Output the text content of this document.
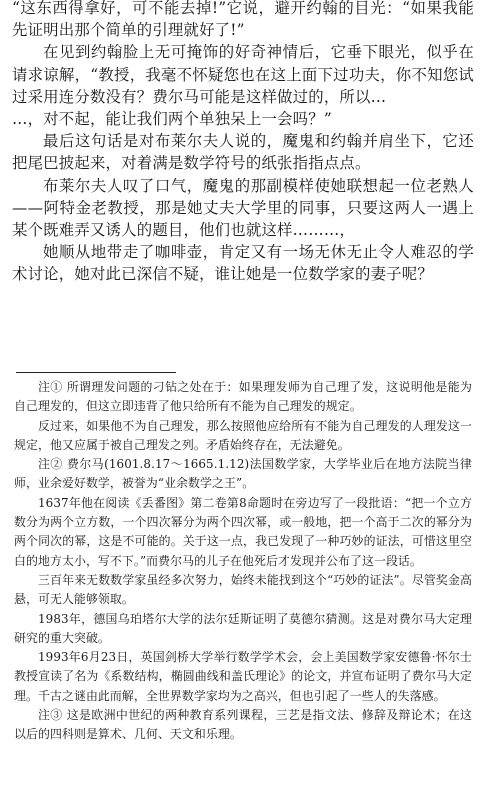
“这东西得拿好，可不能去掉!”它说，避开约翰的目光：“如果我能先证明出那个简单的引理就好了!”

在见到约翰脸上无可掩饰的好奇神情后，它垂下眼光，似乎在请求谅解，“教授，我毫不怀疑您也在这上面下过功夫，你不知您试过采用连分数没有？费尔马可能是这样做过的，所以…

…，对不起，能让我们两个单独呆上一会吗？”

最后这句话是对布莱尔夫人说的，魔鬼和约翰并肩坐下，它还把尾巴披起来，对着满是数学符号的纸张指指点点。

布莱尔夫人叹了口气，魔鬼的那副模样使她联想起一位老熟人——阿特金老教授，那是她丈夫大学里的同事，只要这两人一遇上某个既难弄又诱人的题目，他们也就这样………，

她顺从地带走了咖啡壶，肯定又有一场无休无止令人难忍的学术讨论，她对此已深信不疑，谁让她是一位数学家的妻子呢？

注① 所谓理发问题的刁钻之处在于：如果理发师为自己理了发，这说明他是能为自己理发的，但这立即违背了他只给所有不能为自己理发的规定。

反过来，如果他不为自己理发，那么按照他应给所有不能为自己理发的人理发这一规定，他又应属于被自己理发之列。矛盾始终存在，无法避免。

注② 费尔马(1601.8.17～1665.1.12)法国数学家，大学毕业后在地方法院当律师，业余爱好数学，被誉为“业余数学之王”。

1637年他在阅读《丢番图》第二卷第8命题时在旁边写了一段批语：“把一个立方数分为两个立方数，一个四次幂分为两个四次幂，或一般地，把一个高于二次的幂分为两个同次的幂，这是不可能的。关于这一点，我已发现了一种巧妙的证法，可惜这里空白的地方太小，写不下。”而费尔马的儿子在他死后才发现并公布了这一段话。

三百年来无数数学家虽经多次努力，始终未能找到这个“巧妙的证法”。尽管奖金高悬，可无人能够领取。

1983年，德国乌珀塔尔大学的法尔廷斯证明了莫德尔猜测。这是对费尔马大定理研究的重大突破。

1993年6月23日，英国剑桥大学举行数学学术会，会上美国数学家安德鲁·怀尔士教授宣读了名为《系数结构，椭圆曲线和盖氏理论》的论文，并宣布证明了费尔马大定理。千古之谜由此而解，全世界数学家均为之高兴，但也引起了一些人的失落感。

注③ 这是欧洲中世纪的两种教育系列课程，三艺是指文法、修辞及辩论术；在这以后的四科则是算术、几何、天文和乐理。
